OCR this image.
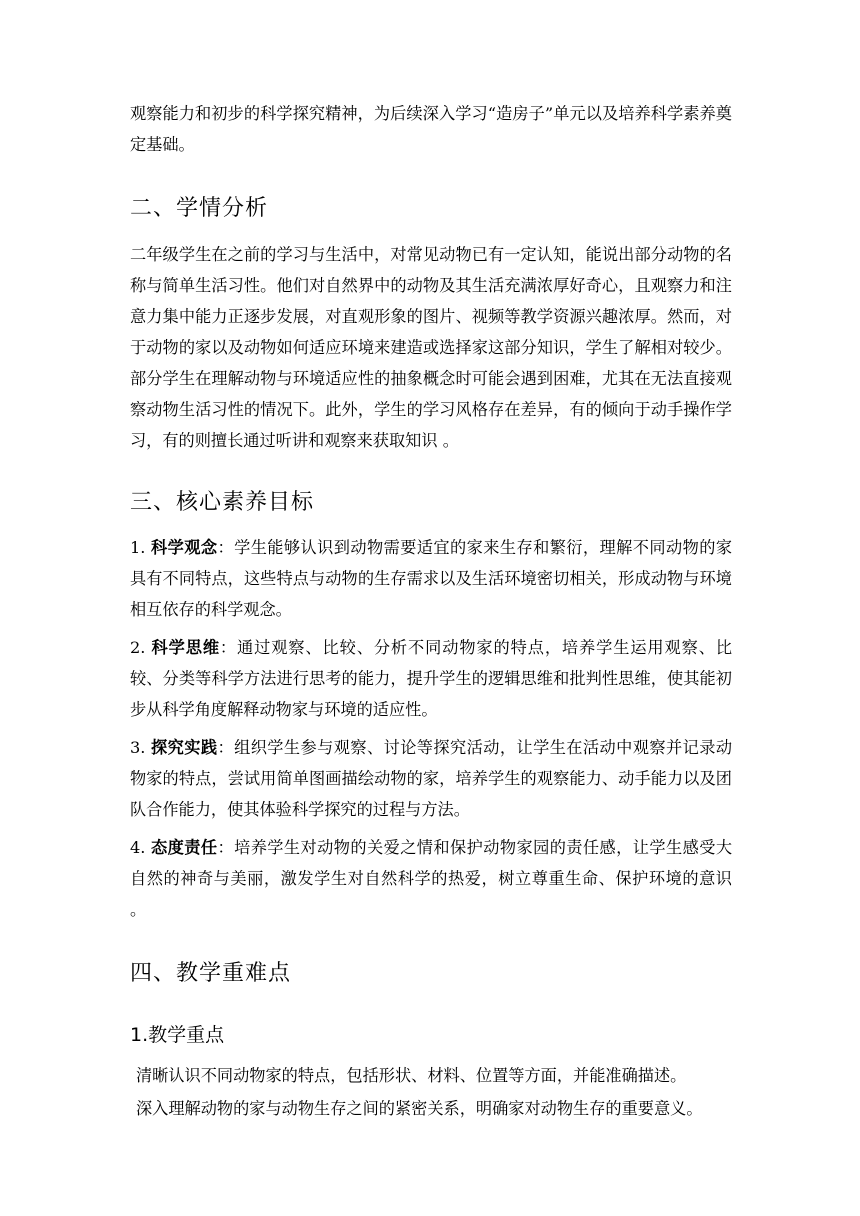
观察能力和初步的科学探究精神，为后续深入学习“造房子”单元以及培养科学素养奠定基础。

二、学情分析

二年级学生在之前的学习与生活中，对常见动物已有一定认知，能说出部分动物的名称与简单生活习性。他们对自然界中的动物及其生活充满浓厚好奇心，且观察力和注意力集中能力正逐步发展，对直观形象的图片、视频等教学资源兴趣浓厚。然而，对于动物的家以及动物如何适应环境来建造或选择家这部分知识，学生了解相对较少。部分学生在理解动物与环境适应性的抽象概念时可能会遇到困难，尤其在无法直接观察动物生活习性的情况下。此外，学生的学习风格存在差异，有的倾向于动手操作学习，有的则擅长通过听讲和观察来获取知识 。

三、核心素养目标

1. 科学观念：学生能够认识到动物需要适宜的家来生存和繁衍，理解不同动物的家具有不同特点，这些特点与动物的生存需求以及生活环境密切相关，形成动物与环境相互依存的科学观念。

2. 科学思维：通过观察、比较、分析不同动物家的特点，培养学生运用观察、比较、分类等科学方法进行思考的能力，提升学生的逻辑思维和批判性思维，使其能初步从科学角度解释动物家与环境的适应性。

3. 探究实践：组织学生参与观察、讨论等探究活动，让学生在活动中观察并记录动物家的特点，尝试用简单图画描绘动物的家，培养学生的观察能力、动手能力以及团队合作能力，使其体验科学探究的过程与方法。

4. 态度责任：培养学生对动物的关爱之情和保护动物家园的责任感，让学生感受大自然的神奇与美丽，激发学生对自然科学的热爱，树立尊重生命、保护环境的意识 。

四、教学重难点
1.教学重点

清晰认识不同动物家的特点，包括形状、材料、位置等方面，并能准确描述。

深入理解动物的家与动物生存之间的紧密关系，明确家对动物生存的重要意义。
